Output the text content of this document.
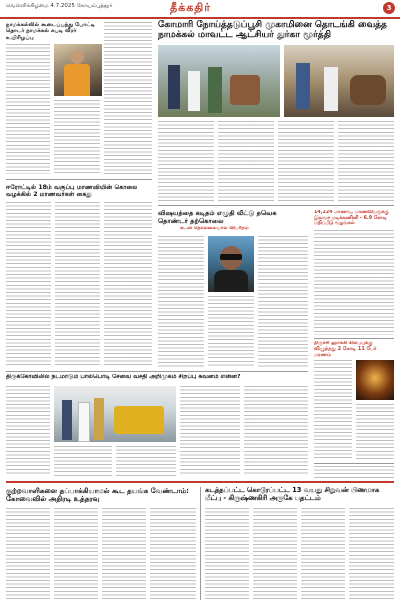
வெள்ளிக்கிழமை 4.7.2025 கோயம்புத்தூர்	தீக்கதிர்	3
நாமக்கல்லில் கூடைப்பந்து போட்டி தொடர் நாமக்கல் கபடி வீரர் உயிரிழப்பு
கோமாரி நோய்த்தடுப்பூசி முகாமினை தொடங்கி வைத்த நாமக்கல் மாவட்ட ஆட்சியர் துர்கா மூர்த்தி
ஈரோட்டில் 18ம் வகுப்பு மாணவியின் கொலை வழக்கில் 2 மாணவர்கள் கைது
விஷயத்தை கடிதம் எழுதி வீட்டு தவெக தொண்டர் தற்கொலை
கடன் தொல்லையால் விபரீதம்
14,224 மாணவ, மாணவியருக்கு இலவச மடிக்கணினி - 6.9 கோடி மதிப்பீடு வழங்கல்
திருச்சி ஹாக்கி கிளப்புக்கு விழுந்தது 2 கோடி 11 பேர் மரணம்
திருக்கோவிலில் நடமாடும் பால்பொடி சேவை வசதி அறிமுகம் சிறப்பு கவனம் என்ன?
குற்றவாளிகளை தப்பாக்கியாமல் கூட தயங்க வேண்டாம்: கோவைவில் அதிரடி உத்தரவு
கடத்தப்பட்ட கொடூரப்பட்ட 13 வயது சிறுவன் பிணமாக மீட்பு - கிருஷ்ணகிரி அருகே பதட்டம்
